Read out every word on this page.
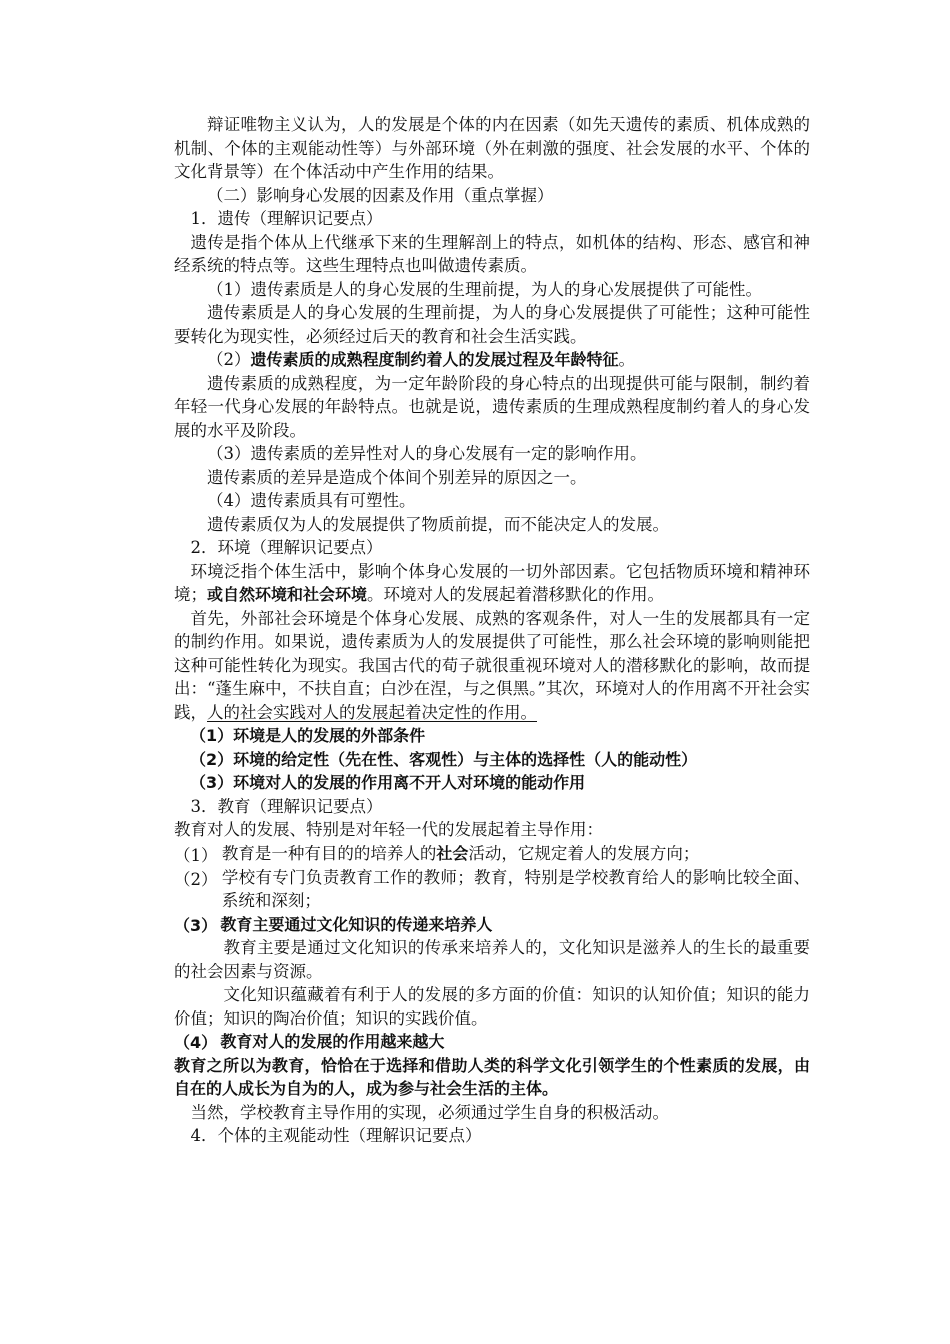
辩证唯物主义认为，人的发展是个体的内在因素（如先天遗传的素质、机体成熟的机制、个体的主观能动性等）与外部环境（外在刺激的强度、社会发展的水平、个体的文化背景等）在个体活动中产生作用的结果。

（二）影响身心发展的因素及作用（重点掌握）

1．遗传（理解识记要点）

遗传是指个体从上代继承下来的生理解剖上的特点，如机体的结构、形态、感官和神经系统的特点等。这些生理特点也叫做遗传素质。

（1）遗传素质是人的身心发展的生理前提，为人的身心发展提供了可能性。

遗传素质是人的身心发展的生理前提，为人的身心发展提供了可能性；这种可能性要转化为现实性，必须经过后天的教育和社会生活实践。

（2）遗传素质的成熟程度制约着人的发展过程及年龄特征。

遗传素质的成熟程度，为一定年龄阶段的身心特点的出现提供可能与限制，制约着年轻一代身心发展的年龄特点。也就是说，遗传素质的生理成熟程度制约着人的身心发展的水平及阶段。

（3）遗传素质的差异性对人的身心发展有一定的影响作用。

遗传素质的差异是造成个体间个别差异的原因之一。

（4）遗传素质具有可塑性。

遗传素质仅为人的发展提供了物质前提，而不能决定人的发展。

2．环境（理解识记要点）

环境泛指个体生活中，影响个体身心发展的一切外部因素。它包括物质环境和精神环境；或自然环境和社会环境。环境对人的发展起着潜移默化的作用。

首先，外部社会环境是个体身心发展、成熟的客观条件，对人一生的发展都具有一定的制约作用。如果说，遗传素质为人的发展提供了可能性，那么社会环境的影响则能把这种可能性转化为现实。我国古代的荀子就很重视环境对人的潜移默化的影响，故而提出：“蓬生麻中，不扶自直；白沙在涅，与之俱黑。”其次，环境对人的作用离不开社会实践，人的社会实践对人的发展起着决定性的作用。

（1）环境是人的发展的外部条件

（2）环境的给定性（先在性、客观性）与主体的选择性（人的能动性）

（3）环境对人的发展的作用离不开人对环境的能动作用

3．教育（理解识记要点）

教育对人的发展、特别是对年轻一代的发展起着主导作用：

（1） 教育是一种有目的的培养人的社会活动，它规定着人的发展方向；

（2） 学校有专门负责教育工作的教师；教育，特别是学校教育给人的影响比较全面、系统和深刻；

（3） 教育主要通过文化知识的传递来培养人

教育主要是通过文化知识的传承来培养人的，文化知识是滋养人的生长的最重要的社会因素与资源。

文化知识蕴藏着有利于人的发展的多方面的价值：知识的认知价值；知识的能力价值；知识的陶冶价值；知识的实践价值。

（4） 教育对人的发展的作用越来越大

教育之所以为教育，恰恰在于选择和借助人类的科学文化引领学生的个性素质的发展，由自在的人成长为自为的人，成为参与社会生活的主体。

当然，学校教育主导作用的实现，必须通过学生自身的积极活动。

4．个体的主观能动性（理解识记要点）
